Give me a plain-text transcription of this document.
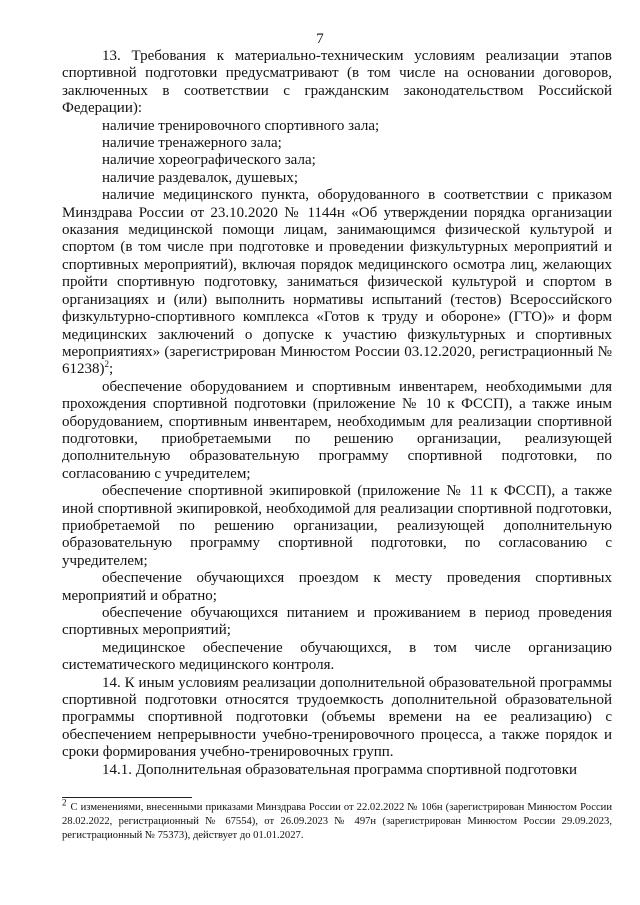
7

13. Требования к материально-техническим условиям реализации этапов спортивной подготовки предусматривают (в том числе на основании договоров, заключенных в соответствии с гражданским законодательством Российской Федерации):

наличие тренировочного спортивного зала;

наличие тренажерного зала;

наличие хореографического зала;

наличие раздевалок, душевых;

наличие медицинского пункта, оборудованного в соответствии с приказом Минздрава России от 23.10.2020 № 1144н «Об утверждении порядка организации оказания медицинской помощи лицам, занимающимся физической культурой и спортом (в том числе при подготовке и проведении физкультурных мероприятий и спортивных мероприятий), включая порядок медицинского осмотра лиц, желающих пройти спортивную подготовку, заниматься физической культурой и спортом в организациях и (или) выполнить нормативы испытаний (тестов) Всероссийского физкультурно-спортивного комплекса «Готов к труду и обороне» (ГТО)» и форм медицинских заключений о допуске к участию физкультурных и спортивных мероприятиях» (зарегистрирован Минюстом России 03.12.2020, регистрационный № 61238)$^2$;

обеспечение оборудованием и спортивным инвентарем, необходимыми для прохождения спортивной подготовки (приложение № 10 к ФССП), а также иным оборудованием, спортивным инвентарем, необходимым для реализации спортивной подготовки, приобретаемыми по решению организации, реализующей дополнительную образовательную программу спортивной подготовки, по согласованию с учредителем;

обеспечение спортивной экипировкой (приложение № 11 к ФССП), а также иной спортивной экипировкой, необходимой для реализации спортивной подготовки, приобретаемой по решению организации, реализующей дополнительную образовательную программу спортивной подготовки, по согласованию с учредителем;

обеспечение обучающихся проездом к месту проведения спортивных мероприятий и обратно;

обеспечение обучающихся питанием и проживанием в период проведения спортивных мероприятий;

медицинское обеспечение обучающихся, в том числе организацию систематического медицинского контроля.

14. К иным условиям реализации дополнительной образовательной программы спортивной подготовки относятся трудоемкость дополнительной образовательной программы спортивной подготовки (объемы времени на ее реализацию) с обеспечением непрерывности учебно-тренировочного процесса, а также порядок и сроки формирования учебно-тренировочных групп.

14.1. Дополнительная образовательная программа спортивной подготовки

$^2$ С изменениями, внесенными приказами Минздрава России от 22.02.2022 № 106н (зарегистрирован Минюстом России 28.02.2022, регистрационный № 67554), от 26.09.2023 № 497н (зарегистрирован Минюстом России 29.09.2023, регистрационный № 75373), действует до 01.01.2027.
